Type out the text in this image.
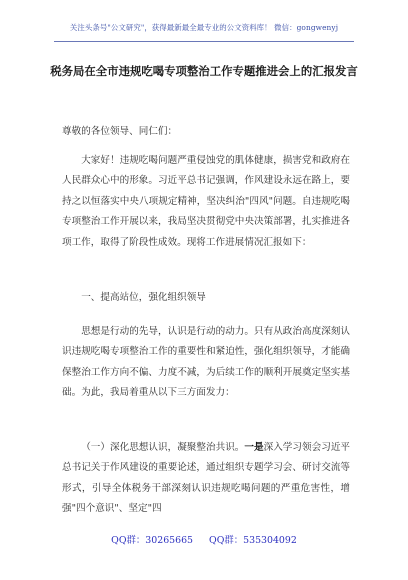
关注头条号"公文研究"，获得最新最全最专业的公文资料库！ 微信：gongwenyj
税务局在全市违规吃喝专项整治工作专题推进会上的汇报发言
尊敬的各位领导、同仁们：
大家好！违规吃喝问题严重侵蚀党的肌体健康，损害党和政府在人民群众心中的形象。习近平总书记强调，作风建设永远在路上，要持之以恒落实中央八项规定精神，坚决纠治"四风"问题。自违规吃喝专项整治工作开展以来，我局坚决贯彻党中央决策部署，扎实推进各项工作，取得了阶段性成效。现将工作进展情况汇报如下：
一、提高站位，强化组织领导
思想是行动的先导，认识是行动的动力。只有从政治高度深刻认识违规吃喝专项整治工作的重要性和紧迫性，强化组织领导，才能确保整治工作方向不偏、力度不减，为后续工作的顺利开展奠定坚实基础。为此，我局着重从以下三方面发力：
（一）深化思想认识，凝聚整治共识。一是深入学习领会习近平总书记关于作风建设的重要论述，通过组织专题学习会、研讨交流等形式，引导全体税务干部深刻认识违规吃喝问题的严重危害性，增强"四个意识"、坚定"四
QQ群：30265665 QQ群：535304092
